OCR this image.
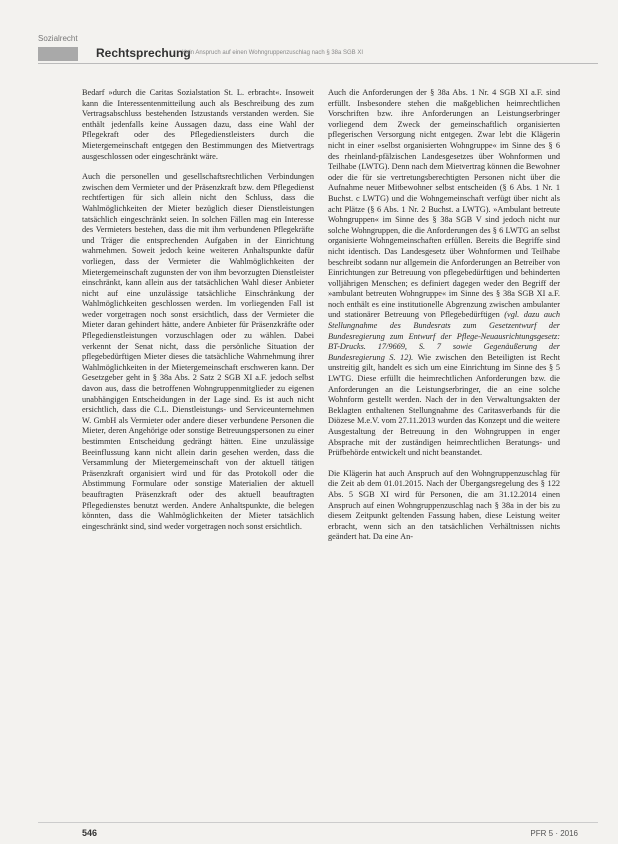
Sozialrecht
Rechtsprechung
Kein Anspruch auf einen Wohngruppenzuschlag nach § 38a SGB XI

Bedarf »durch die Caritas Sozialstation St. L. erbracht«. Insoweit kann die Interessentenmitteilung auch als Beschreibung des zum Vertragsabschluss bestehenden Istzustands verstanden werden. Sie enthält jedenfalls keine Aussagen dazu, dass eine Wahl der Pflegekraft oder des Pflegedienstleisters durch die Mietergemeinschaft entgegen den Bestimmungen des Mietvertrags ausgeschlossen oder eingeschränkt wäre.

Auch die personellen und gesellschaftsrechtlichen Verbindungen zwischen dem Vermieter und der Präsenzkraft bzw. dem Pflegedienst rechtfertigen für sich allein nicht den Schluss, dass die Wahlmöglichkeiten der Mieter bezüglich dieser Dienstleistungen tatsächlich eingeschränkt seien. In solchen Fällen mag ein Interesse des Vermieters bestehen, dass die mit ihm verbundenen Pflegekräfte und Träger die entsprechenden Aufgaben in der Einrichtung wahrnehmen. Soweit jedoch keine weiteren Anhaltspunkte dafür vorliegen, dass der Vermieter die Wahlmöglichkeiten der Mietergemeinschaft zugunsten der von ihm bevorzugten Dienstleister einschränkt, kann allein aus der tatsächlichen Wahl dieser Anbieter nicht auf eine unzulässige tatsächliche Einschränkung der Wahlmöglichkeiten geschlossen werden. Im vorliegenden Fall ist weder vorgetragen noch sonst ersichtlich, dass der Vermieter die Mieter daran gehindert hätte, andere Anbieter für Präsenzkräfte oder Pflegedienstleistungen vorzuschlagen oder zu wählen. Dabei verkennt der Senat nicht, dass die persönliche Situation der pflegebedürftigen Mieter dieses die tatsächliche Wahrnehmung ihrer Wahlmöglichkeiten in der Mietergemeinschaft erschweren kann. Der Gesetzgeber geht in § 38a Abs. 2 Satz 2 SGB XI a.F. jedoch selbst davon aus, dass die betroffenen Wohngruppenmitglieder zu eigenen unabhängigen Entscheidungen in der Lage sind. Es ist auch nicht ersichtlich, dass die C.L. Dienstleistungs- und Serviceunternehmen W. GmbH als Vermieter oder andere dieser verbundene Personen die Mieter, deren Angehörige oder sonstige Betreuungspersonen zu einer bestimmten Entscheidung gedrängt hätten. Eine unzulässige Beeinflussung kann nicht allein darin gesehen werden, dass die Versammlung der Mietergemeinschaft von der aktuell tätigen Präsenzkraft organisiert wird und für das Protokoll oder die Abstimmung Formulare oder sonstige Materialien der aktuell beauftragten Präsenzkraft oder des aktuell beauftragten Pflegedienstes benutzt werden. Andere Anhaltspunkte, die belegen könnten, dass die Wahlmöglichkeiten der Mieter tatsächlich eingeschränkt sind, sind weder vorgetragen noch sonst ersichtlich.

Auch die Anforderungen der § 38a Abs. 1 Nr. 4 SGB XI a.F. sind erfüllt. Insbesondere stehen die maßgeblichen heimrechtlichen Vorschriften bzw. ihre Anforderungen an Leistungserbringer vorliegend dem Zweck der gemeinschaftlich organisierten pflegerischen Versorgung nicht entgegen. Zwar lebt die Klägerin nicht in einer »selbst organisierten Wohngruppe« im Sinne des § 6 des rheinland-pfälzischen Landesgesetzes über Wohnformen und Teilhabe (LWTG). Denn nach dem Mietvertrag können die Bewohner oder die für sie vertretungsberechtigten Personen nicht über die Aufnahme neuer Mitbewohner selbst entscheiden (§ 6 Abs. 1 Nr. 1 Buchst. c LWTG) und die Wohngemeinschaft verfügt über nicht als acht Plätze (§ 6 Abs. 1 Nr. 2 Buchst. a LWTG). »Ambulant betreute Wohngruppen« im Sinne des § 38a SGB V sind jedoch nicht nur solche Wohngruppen, die die Anforderungen des § 6 LWTG an selbst organisierte Wohngemeinschaften erfüllen. Bereits die Begriffe sind nicht identisch. Das Landesgesetz über Wohnformen und Teilhabe beschreibt sodann nur allgemein die Anforderungen an Betreiber von Einrichtungen zur Betreuung von pflegebedürftigen und behinderten volljährigen Menschen; es definiert dagegen weder den Begriff der »ambulant betreuten Wohngruppe« im Sinne des § 38a SGB XI a.F. noch enthält es eine institutionelle Abgrenzung zwischen ambulanter und stationärer Betreuung von Pflegebedürftigen (vgl. dazu auch Stellungnahme des Bundesrats zum Gesetzentwurf der Bundesregierung zum Entwurf der Pflege-Neuausrichtungsgesetz: BT-Drucks. 17/9669, S. 7 sowie Gegenäußerung der Bundesregierung S. 12). Wie zwischen den Beteiligten ist Recht unstreitig gilt, handelt es sich um eine Einrichtung im Sinne des § 5 LWTG. Diese erfüllt die heimrechtlichen Anforderungen bzw. die Anforderungen an die Leistungserbringer, die an eine solche Wohnform gestellt werden. Nach der in den Verwaltungsakten der Beklagten enthaltenen Stellungnahme des Caritasverbands für die Diözese M.e.V. vom 27.11.2013 wurden das Konzept und die weitere Ausgestaltung der Betreuung in den Wohngruppen in enger Absprache mit der zuständigen heimrechtlichen Beratungs- und Prüfbehörde entwickelt und nicht beanstandet.

Die Klägerin hat auch Anspruch auf den Wohngruppenzuschlag für die Zeit ab dem 01.01.2015. Nach der Übergangsregelung des § 122 Abs. 5 SGB XI wird für Personen, die am 31.12.2014 einen Anspruch auf einen Wohngruppenzuschlag nach § 38a in der bis zu diesem Zeitpunkt geltenden Fassung haben, diese Leistung weiter erbracht, wenn sich an den tatsächlichen Verhältnissen nichts geändert hat. Da eine An-

546	PFR 5 · 2016
